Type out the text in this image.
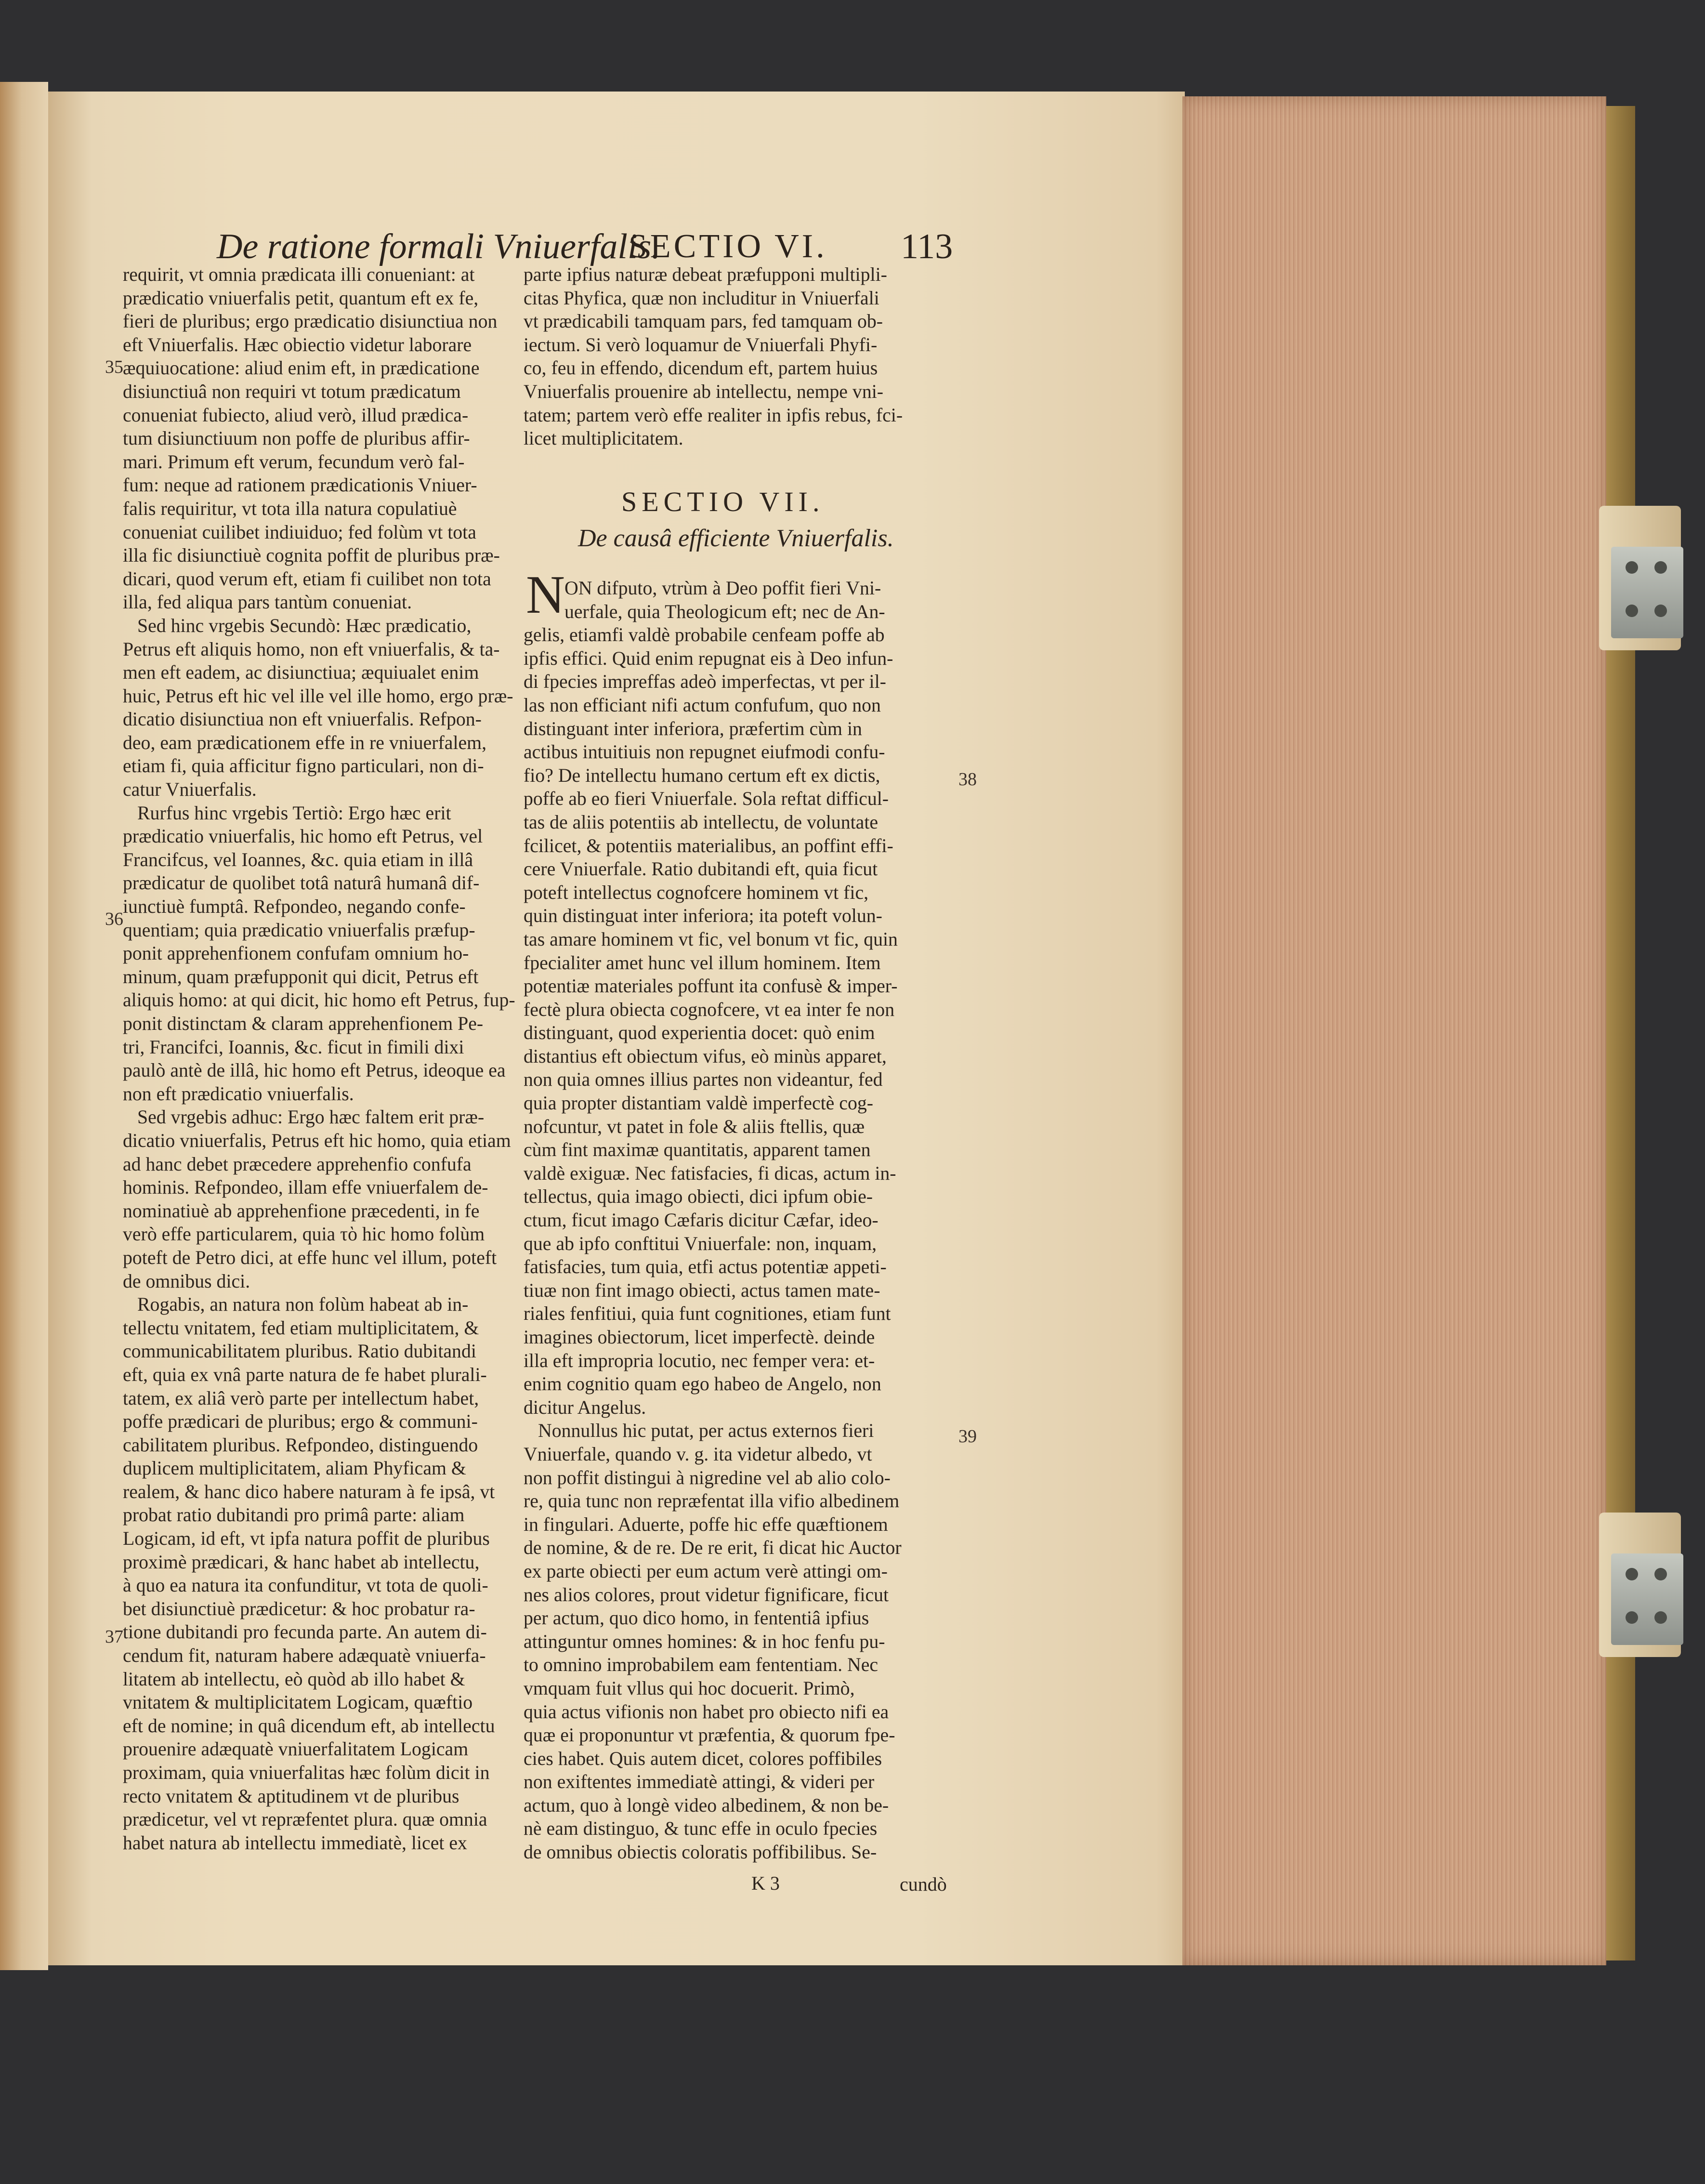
De ratione formali Vniuerfalis.
SECTIO VI. 113
requirit, vt omnia prædicata illi conueniant: at
prædicatio vniuerfalis petit, quantum eft ex fe,
fieri de pluribus; ergo prædicatio disiunctiua non
eft Vniuerfalis. Hæc obiectio videtur laborare
æquiuocatione: aliud enim eft, in prædicatione
disiunctiuâ non requiri vt totum prædicatum
conueniat fubiecto, aliud verò, illud prædica-
tum disiunctiuum non poffe de pluribus affir-
mari. Primum eft verum, fecundum verò fal-
fum: neque ad rationem prædicationis Vniuer-
falis requiritur, vt tota illa natura copulatiuè
conueniat cuilibet indiuiduo; fed folùm vt tota
illa fic disiunctiuè cognita poffit de pluribus præ-
dicari, quod verum eft, etiam fi cuilibet non tota
illa, fed aliqua pars tantùm conueniat.
Sed hinc vrgebis Secundò: Hæc prædicatio,
Petrus eft aliquis homo, non eft vniuerfalis, & ta-
men eft eadem, ac disiunctiua; æquiualet enim
huic, Petrus eft hic vel ille vel ille homo, ergo præ-
dicatio disiunctiua non eft vniuerfalis. Refpon-
deo, eam prædicationem effe in re vniuerfalem,
etiam fi, quia afficitur figno particulari, non di-
catur Vniuerfalis.
Rurfus hinc vrgebis Tertiò: Ergo hæc erit
prædicatio vniuerfalis, hic homo eft Petrus, vel
Francifcus, vel Ioannes, &c. quia etiam in illâ
prædicatur de quolibet totâ naturâ humanâ dif-
iunctiuè fumptâ. Refpondeo, negando confe-
quentiam; quia prædicatio vniuerfalis præfup-
ponit apprehenfionem confufam omnium ho-
minum, quam præfupponit qui dicit, Petrus eft
aliquis homo: at qui dicit, hic homo eft Petrus, fup-
ponit distinctam & claram apprehenfionem Pe-
tri, Francifci, Ioannis, &c. ficut in fimili dixi
paulò antè de illâ, hic homo eft Petrus, ideoque ea
non eft prædicatio vniuerfalis.
Sed vrgebis adhuc: Ergo hæc faltem erit præ-
dicatio vniuerfalis, Petrus eft hic homo, quia etiam
ad hanc debet præcedere apprehenfio confufa
hominis. Refpondeo, illam effe vniuerfalem de-
nominatiuè ab apprehenfione præcedenti, in fe
verò effe particularem, quia τὸ hic homo folùm
poteft de Petro dici, at effe hunc vel illum, poteft
de omnibus dici.
Rogabis, an natura non folùm habeat ab in-
tellectu vnitatem, fed etiam multiplicitatem, &
communicabilitatem pluribus. Ratio dubitandi
eft, quia ex vnâ parte natura de fe habet plurali-
tatem, ex aliâ verò parte per intellectum habet,
poffe prædicari de pluribus; ergo & communi-
cabilitatem pluribus. Refpondeo, distinguendo
duplicem multiplicitatem, aliam Phyficam &
realem, & hanc dico habere naturam à fe ipsâ, vt
probat ratio dubitandi pro primâ parte: aliam
Logicam, id eft, vt ipfa natura poffit de pluribus
proximè prædicari, & hanc habet ab intellectu,
à quo ea natura ita confunditur, vt tota de quoli-
bet disiunctiuè prædicetur: & hoc probatur ra-
tione dubitandi pro fecunda parte. An autem di-
cendum fit, naturam habere adæquatè vniuerfa-
litatem ab intellectu, eò quòd ab illo habet &
vnitatem & multiplicitatem Logicam, quæftio
eft de nomine; in quâ dicendum eft, ab intellectu
prouenire adæquatè vniuerfalitatem Logicam
proximam, quia vniuerfalitas hæc folùm dicit in
recto vnitatem & aptitudinem vt de pluribus
prædicetur, vel vt repræfentet plura. quæ omnia
habet natura ab intellectu immediatè, licet ex
parte ipfius naturæ debeat præfupponi multipli-
citas Phyfica, quæ non includitur in Vniuerfali
vt prædicabili tamquam pars, fed tamquam ob-
iectum. Si verò loquamur de Vniuerfali Phyfi-
co, feu in effendo, dicendum eft, partem huius
Vniuerfalis prouenire ab intellectu, nempe vni-
tatem; partem verò effe realiter in ipfis rebus, fci-
licet multiplicitatem.
SECTIO VII.
De causâ efficiente Vniuerfalis.
N ON difputo, vtrùm à Deo poffit fieri Vni-
uerfale, quia Theologicum eft; nec de An-
gelis, etiamfi valdè probabile cenfeam poffe ab
ipfis effici. Quid enim repugnat eis à Deo infun-
di fpecies impreffas adeò imperfectas, vt per il-
las non efficiant nifi actum confufum, quo non
distinguant inter inferiora, præfertim cùm in
actibus intuitiuis non repugnet eiufmodi confu-
fio? De intellectu humano certum eft ex dictis,
poffe ab eo fieri Vniuerfale. Sola reftat difficul-
tas de aliis potentiis ab intellectu, de voluntate
fcilicet, & potentiis materialibus, an poffint effi-
cere Vniuerfale. Ratio dubitandi eft, quia ficut
poteft intellectus cognofcere hominem vt fic,
quin distinguat inter inferiora; ita poteft volun-
tas amare hominem vt fic, vel bonum vt fic, quin
fpecialiter amet hunc vel illum hominem. Item
potentiæ materiales poffunt ita confusè & imper-
fectè plura obiecta cognofcere, vt ea inter fe non
distinguant, quod experientia docet: quò enim
distantius eft obiectum vifus, eò minùs apparet,
non quia omnes illius partes non videantur, fed
quia propter distantiam valdè imperfectè cog-
nofcuntur, vt patet in fole & aliis ftellis, quæ
cùm fint maximæ quantitatis, apparent tamen
valdè exiguæ. Nec fatisfacies, fi dicas, actum in-
tellectus, quia imago obiecti, dici ipfum obie-
ctum, ficut imago Cæfaris dicitur Cæfar, ideo-
que ab ipfo conftitui Vniuerfale: non, inquam,
fatisfacies, tum quia, etfi actus potentiæ appeti-
tiuæ non fint imago obiecti, actus tamen mate-
riales fenfitiui, quia funt cognitiones, etiam funt
imagines obiectorum, licet imperfectè. deinde
illa eft impropria locutio, nec femper vera: et-
enim cognitio quam ego habeo de Angelo, non
dicitur Angelus.
Nonnullus hic putat, per actus externos fieri
Vniuerfale, quando v. g. ita videtur albedo, vt
non poffit distingui à nigredine vel ab alio colo-
re, quia tunc non repræfentat illa vifio albedinem
in fingulari. Aduerte, poffe hic effe quæftionem
de nomine, & de re. De re erit, fi dicat hic Auctor
ex parte obiecti per eum actum verè attingi om-
nes alios colores, prout videtur fignificare, ficut
per actum, quo dico homo, in fententiâ ipfius
attinguntur omnes homines: & in hoc fenfu pu-
to omnino improbabilem eam fententiam. Nec
vmquam fuit vllus qui hoc docuerit. Primò,
quia actus vifionis non habet pro obiecto nifi ea
quæ ei proponuntur vt præfentia, & quorum fpe-
cies habet. Quis autem dicet, colores poffibiles
non exiftentes immediatè attingi, & videri per
actum, quo à longè video albedinem, & non be-
nè eam distinguo, & tunc effe in oculo fpecies
de omnibus obiectis coloratis poffibilibus. Se-
35
36
37
38
39
K 3	cundò
